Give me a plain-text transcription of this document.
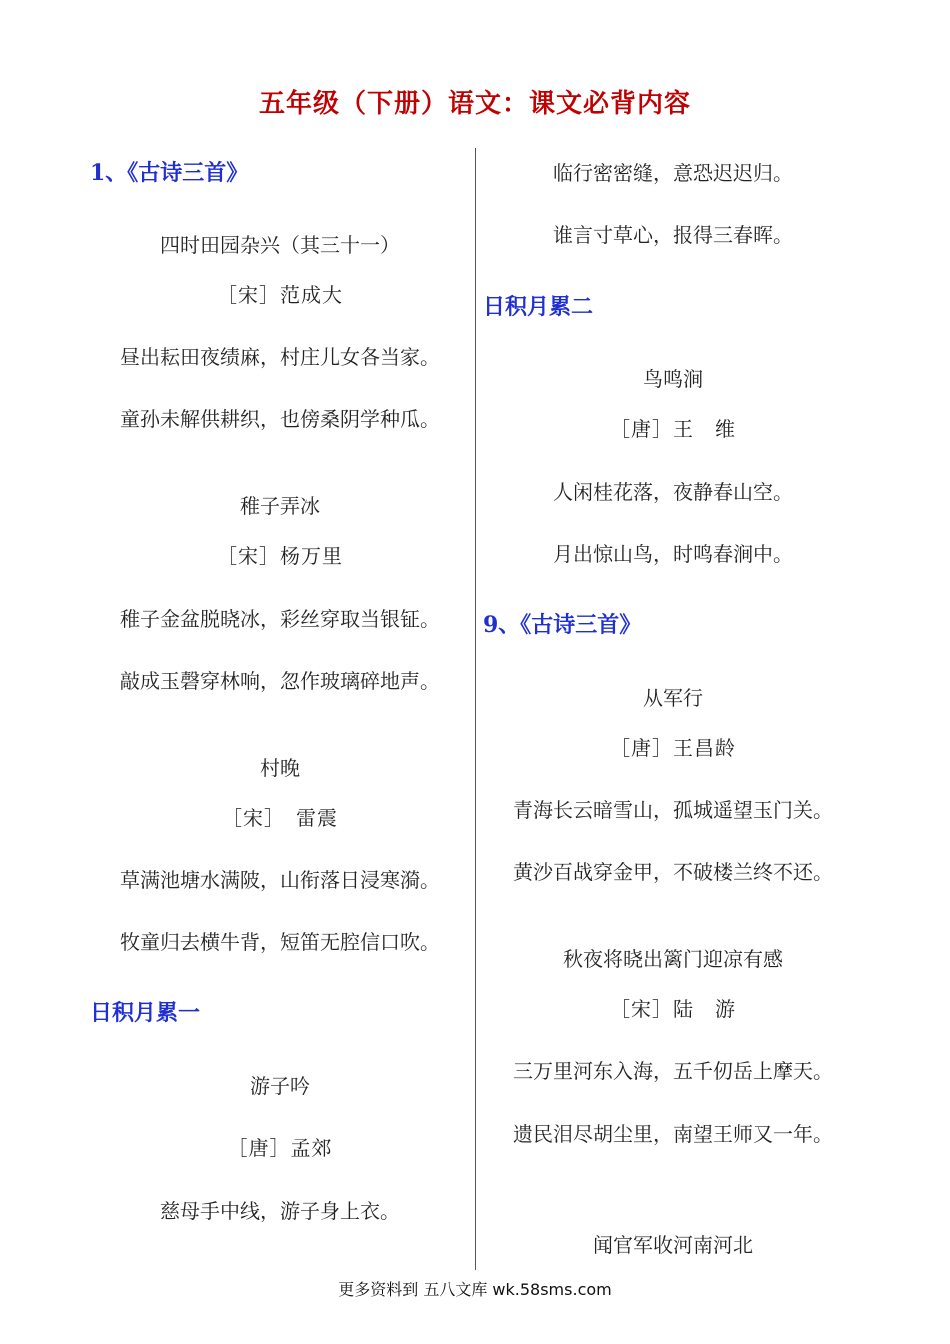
五年级（下册）语文：课文必背内容
1、《古诗三首》
四时田园杂兴（其三十一）
［宋］范成大
昼出耘田夜绩麻，村庄儿女各当家。
童孙未解供耕织，也傍桑阴学种瓜。
稚子弄冰
［宋］杨万里
稚子金盆脱晓冰，彩丝穿取当银钲。
敲成玉磬穿林响，忽作玻璃碎地声。
村晚
［宋］　雷震
草满池塘水满陂，山衔落日浸寒漪。
牧童归去横牛背，短笛无腔信口吹。
日积月累一
游子吟
［唐］孟郊
慈母手中线，游子身上衣。
临行密密缝，意恐迟迟归。
谁言寸草心，报得三春晖。
日积月累二
鸟鸣涧
［唐］王　维
人闲桂花落，夜静春山空。
月出惊山鸟，时鸣春涧中。
9、《古诗三首》
从军行
［唐］王昌龄
青海长云暗雪山，孤城遥望玉门关。
黄沙百战穿金甲，不破楼兰终不还。
秋夜将晓出篱门迎凉有感
［宋］陆　游
三万里河东入海，五千仞岳上摩天。
遗民泪尽胡尘里，南望王师又一年。
闻官军收河南河北
更多资料到 五八文库 wk.58sms.com
